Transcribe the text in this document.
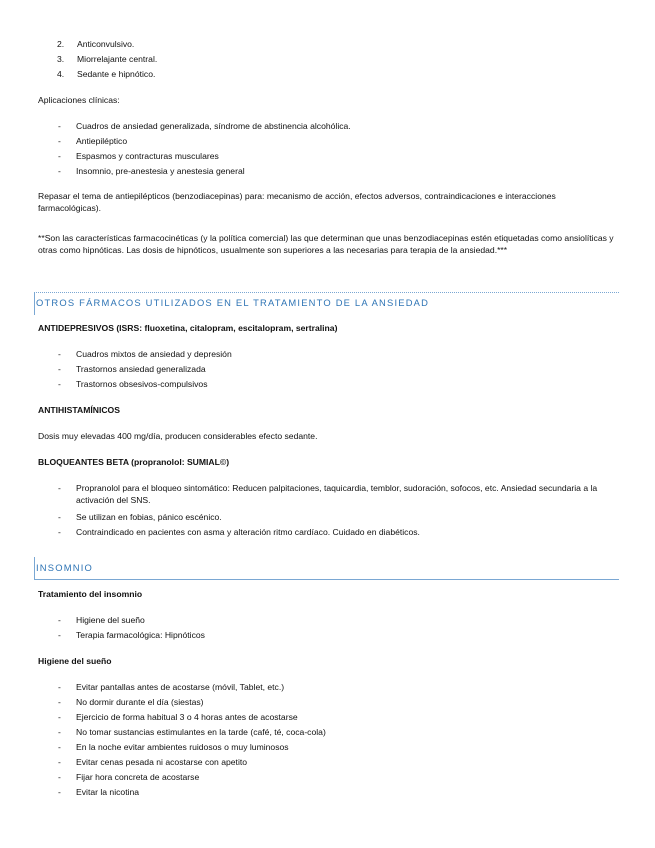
2. Anticonvulsivo.
3. Miorrelajante central.
4. Sedante e hipnótico.
Aplicaciones clínicas:
- Cuadros de ansiedad generalizada, síndrome de abstinencia alcohólica.
- Antiepiléptico
- Espasmos y contracturas musculares
- Insomnio, pre-anestesia y anestesia general
Repasar el tema de antiepilépticos (benzodiacepinas) para: mecanismo de acción, efectos adversos, contraindicaciones e interacciones farmacológicas).
**Son las características farmacocinéticas (y la política comercial) las que determinan que unas benzodiacepinas estén etiquetadas como ansiolíticas y otras como hipnóticas. Las dosis de hipnóticos, usualmente son superiores a las necesarias para terapia de la ansiedad.***
OTROS FÁRMACOS UTILIZADOS EN EL TRATAMIENTO DE LA ANSIEDAD
ANTIDEPRESIVOS (ISRS: fluoxetina, citalopram, escitalopram, sertralina)
- Cuadros mixtos de ansiedad y depresión
- Trastornos ansiedad generalizada
- Trastornos obsesivos-compulsivos
ANTIHISTAMÍNICOS
Dosis muy elevadas 400 mg/día, producen considerables efecto sedante.
BLOQUEANTES BETA (propranolol: SUMIAL©)
- Propranolol para el bloqueo sintomático: Reducen palpitaciones, taquicardia, temblor, sudoración, sofocos, etc. Ansiedad secundaria a la activación del SNS.
- Se utilizan en fobias, pánico escénico.
- Contraindicado en pacientes con asma y alteración ritmo cardíaco. Cuidado en diabéticos.
INSOMNIO
Tratamiento del insomnio
- Higiene del sueño
- Terapia farmacológica: Hipnóticos
Higiene del sueño
- Evitar pantallas antes de acostarse (móvil, Tablet, etc.)
- No dormir durante el día (siestas)
- Ejercicio de forma habitual 3 o 4 horas antes de acostarse
- No tomar sustancias estimulantes en la tarde (café, té, coca-cola)
- En la noche evitar ambientes ruidosos o muy luminosos
- Evitar cenas pesada ni acostarse con apetito
- Fijar hora concreta de acostarse
- Evitar la nicotina
